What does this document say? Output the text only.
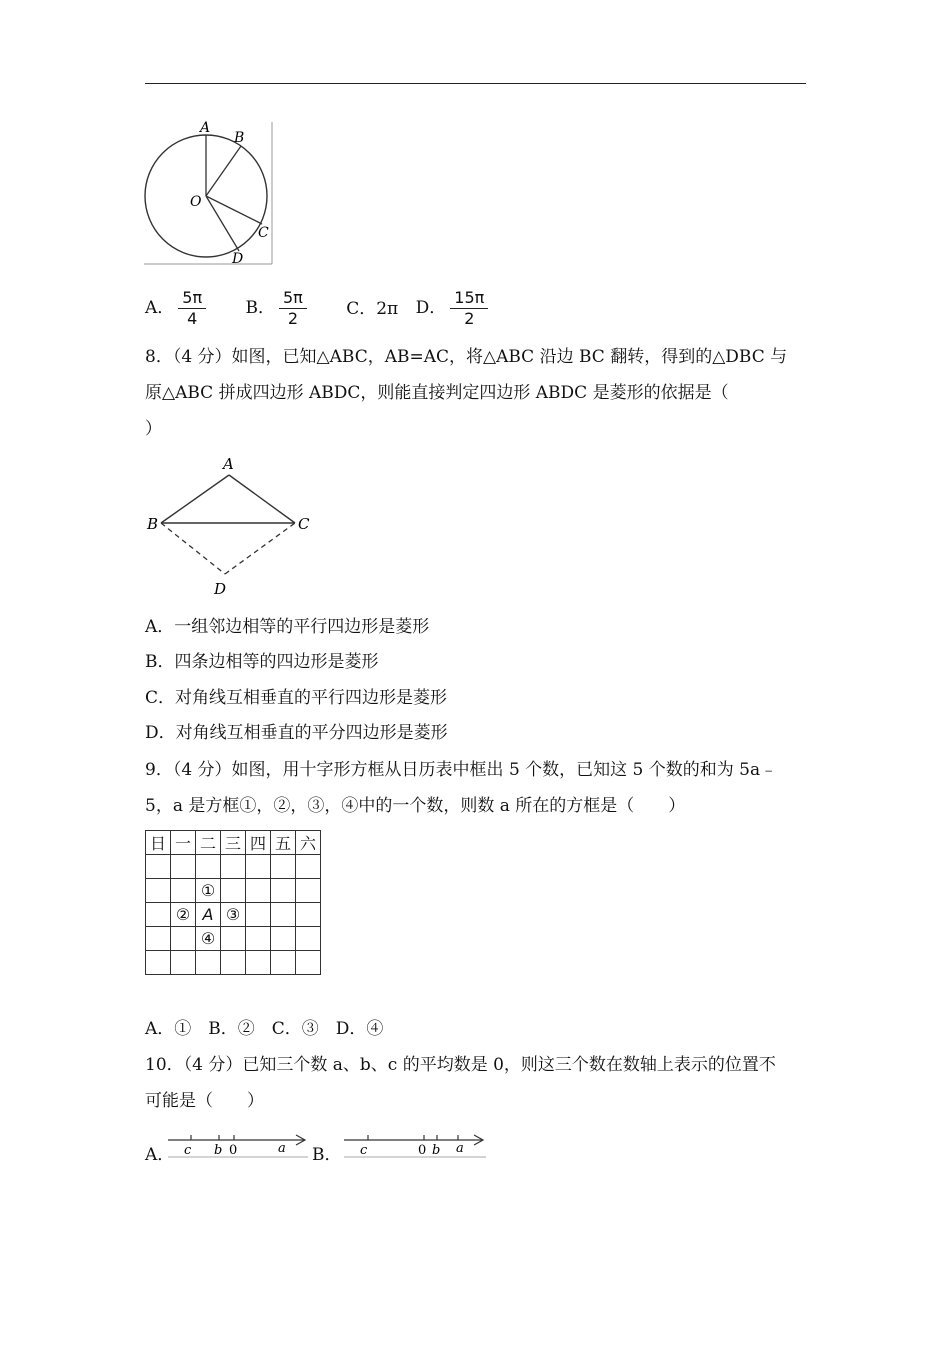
A
B
O
C
D
A． $\frac{5\pi}{4}$ B． $\frac{5\pi}{2}$ C．2π D． $\frac{15\pi}{2}$
8．（4 分）如图，已知△ABC，AB=AC，将△ABC 沿边 BC 翻转，得到的△DBC 与
原△ABC 拼成四边形 ABDC，则能直接判定四边形 ABDC 是菱形的依据是（
）
A
B	C
D
A．一组邻边相等的平行四边形是菱形
B．四条边相等的四边形是菱形
C．对角线互相垂直的平行四边形是菱形
D．对角线互相垂直的平分四边形是菱形
9．（4 分）如图，用十字形方框从日历表中框出 5 个数，已知这 5 个数的和为 5a﹣
5，a 是方框①，②，③，④中的一个数，则数 a 所在的方框是（　　）
日	一	二	三	四	五	六

		①				
	②	A	③			
		④				

A．①　B．②　C．③　D．④
10．（4 分）已知三个数 a、b、c 的平均数是 0，则这三个数在数轴上表示的位置不
可能是（　　）
A． c b 0	a B． c	0 b a
